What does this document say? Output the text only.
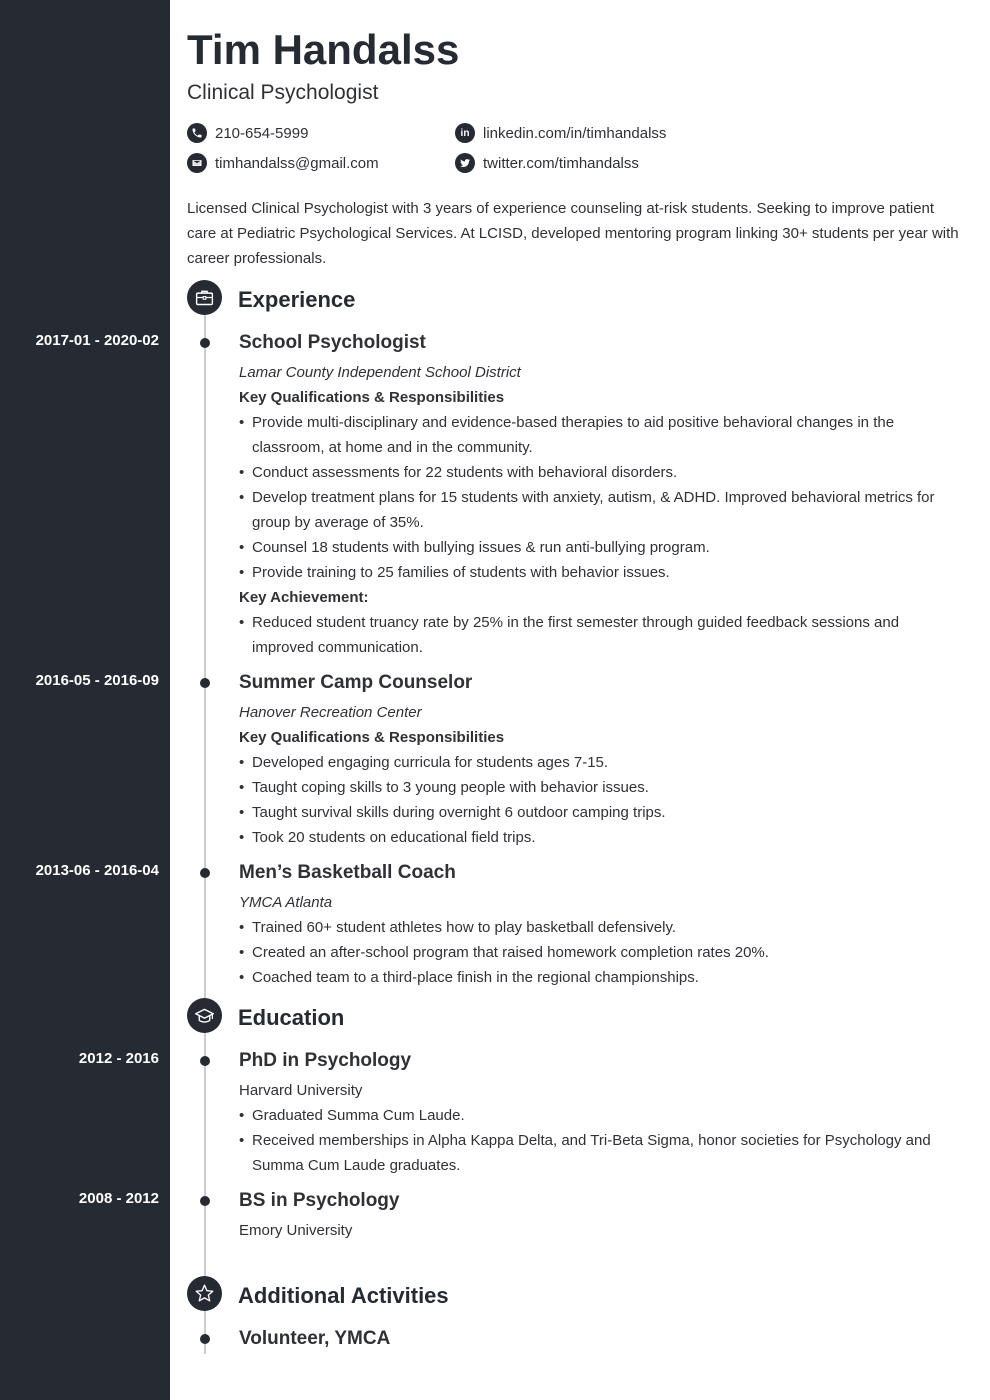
Tim Handalss
Clinical Psychologist
210-654-5999
timhandalss@gmail.com
in linkedin.com/in/timhandalss
twitter.com/timhandalss
Licensed Clinical Psychologist with 3 years of experience counseling at-risk students. Seeking to improve patient care at Pediatric Psychological Services. At LCISD, developed mentoring program linking 30+ students per year with career professionals.
Experience
2017-01 - 2020-02	School Psychologist
Lamar County Independent School District
Key Qualifications & Responsibilities
• Provide multi-disciplinary and evidence-based therapies to aid positive behavioral changes in the classroom, at home and in the community.
• Conduct assessments for 22 students with behavioral disorders.
• Develop treatment plans for 15 students with anxiety, autism, & ADHD. Improved behavioral metrics for group by average of 35%.
• Counsel 18 students with bullying issues & run anti-bullying program.
• Provide training to 25 families of students with behavior issues.
Key Achievement:
• Reduced student truancy rate by 25% in the first semester through guided feedback sessions and improved communication.
2016-05 - 2016-09	Summer Camp Counselor
Hanover Recreation Center
Key Qualifications & Responsibilities
• Developed engaging curricula for students ages 7-15.
• Taught coping skills to 3 young people with behavior issues.
• Taught survival skills during overnight 6 outdoor camping trips.
• Took 20 students on educational field trips.
2013-06 - 2016-04	Men’s Basketball Coach
YMCA Atlanta
• Trained 60+ student athletes how to play basketball defensively.
• Created an after-school program that raised homework completion rates 20%.
• Coached team to a third-place finish in the regional championships.
Education
2012 - 2016	PhD in Psychology
Harvard University
• Graduated Summa Cum Laude.
• Received memberships in Alpha Kappa Delta, and Tri-Beta Sigma, honor societies for Psychology and Summa Cum Laude graduates.
2008 - 2012	BS in Psychology
Emory University
Additional Activities
Volunteer, YMCA
